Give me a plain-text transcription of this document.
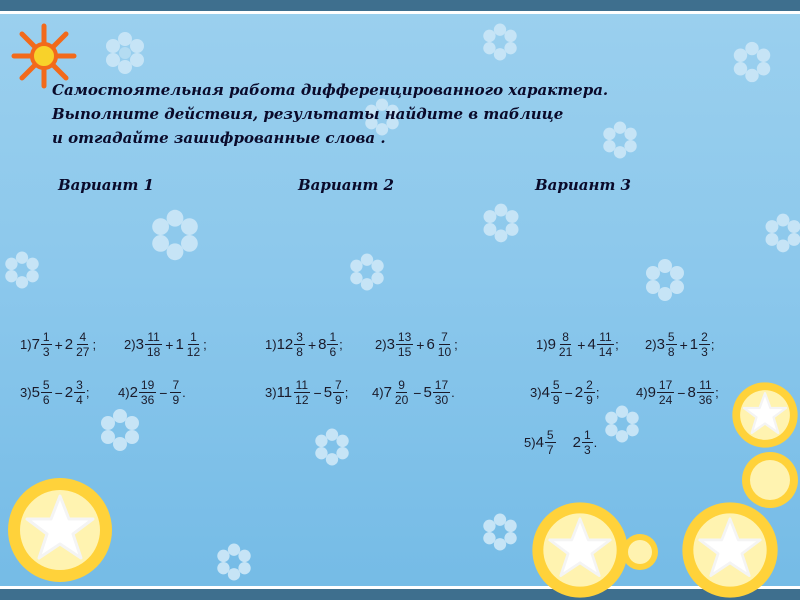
Самостоятельная работа дифференцированного характера.
Выполните действия, результаты найдите в таблице
и отгадайте зашифрованные слова .
Вариант 1	Вариант 2	Вариант 3
1) $7 \frac{1}{3} + 2 \frac{4}{27}$ ; 2) $3 \frac{11}{18} + 1 \frac{1}{12}$ ;
3) $5 \frac{5}{6} - 2 \frac{3}{4}$ ; 4) $2 \frac{19}{36} - \frac{7}{9}$ .
1) $12 \frac{3}{8} + 8 \frac{1}{6}$ ; 2) $3 \frac{13}{15} + 6 \frac{7}{10}$ ;
3) $11 \frac{11}{12} - 5 \frac{7}{9}$ ; 4) $7 \frac{9}{20} - 5 \frac{17}{30}$ .
1) $9 \frac{8}{21} + 4 \frac{11}{14}$ ; 2) $3 \frac{5}{8} + 1 \frac{2}{3}$ ;
3) $4 \frac{5}{9} - 2 \frac{2}{9}$ ;	4) $9 \frac{17}{24} - 8 \frac{11}{36}$ ;
5) $4 \frac{5}{7} 2 \frac{1}{3}$ .
